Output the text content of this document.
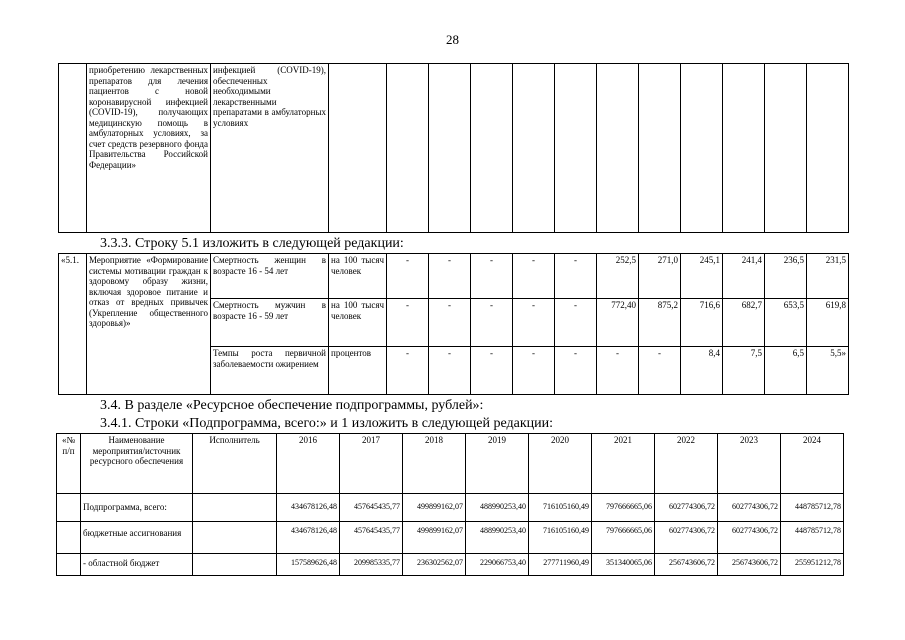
28
	приобретению лекарственных препаратов для лечения пациентов с новой коронавирусной инфекцией (COVID-19), получающих медицинскую помощь в амбулаторных условиях, за счет средств резервного фонда Правительства Российской Федерации»	инфекцией (COVID-19), обеспеченных необходимыми лекарственными препаратами в амбулаторных условиях												
3.3.3. Строку 5.1 изложить в следующей редакции:
«5.1.	Мероприятие «Формирование системы мотивации граждан к здоровому образу жизни, включая здоровое питание и отказ от вредных привычек (Укрепление общественного здоровья)»	Смертность женщин в возрасте 16 - 54 лет	на 100 тысяч человек	-	-	-	-	-	252,5	271,0	245,1	241,4	236,5	231,5
		Смертность мужчин в возрасте 16 - 59 лет	на 100 тысяч человек	-	-	-	-	-	772,40	875,2	716,6	682,7	653,5	619,8
		Темпы роста первичной заболеваемости ожирением	процентов	-	-	-	-	-	-	-	8,4	7,5	6,5	5,5»
3.4. В разделе «Ресурсное обеспечение подпрограммы, рублей»:
3.4.1. Строки «Подпрограмма, всего:» и 1 изложить в следующей редакции:
«№ п/п	Наименование мероприятия/источник ресурсного обеспечения	Исполнитель	2016	2017	2018	2019	2020	2021	2022	2023	2024
	Подпрограмма, всего:		434678126,48	457645435,77	499899162,07	488990253,40	716105160,49	797666665,06	602774306,72	602774306,72	448785712,78
	бюджетные ассигнования		434678126,48	457645435,77	499899162,07	488990253,40	716105160,49	797666665,06	602774306,72	602774306,72	448785712,78
	- областной бюджет		157589626,48	209985335,77	236302562,07	229066753,40	277711960,49	351340065,06	256743606,72	256743606,72	255951212,78
